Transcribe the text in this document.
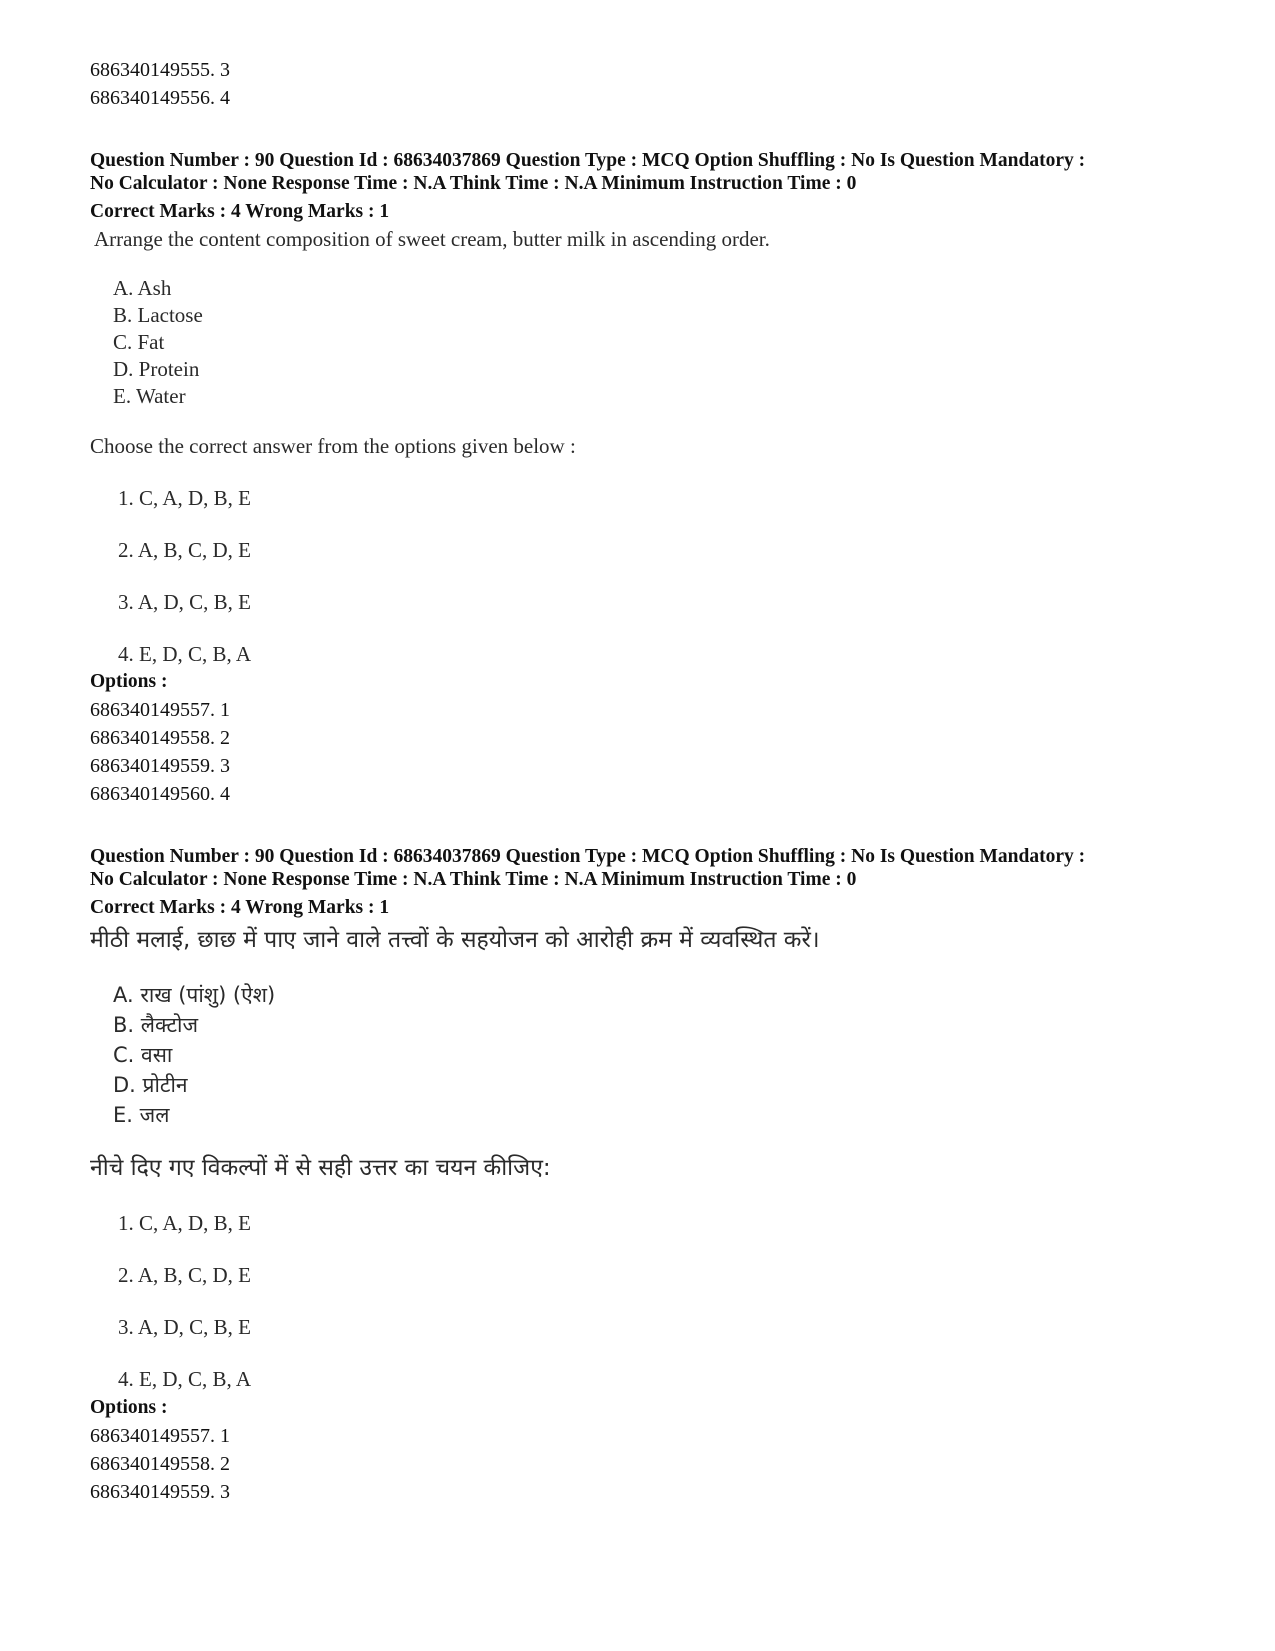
686340149555. 3
686340149556. 4
Question Number : 90 Question Id : 68634037869 Question Type : MCQ Option Shuffling : No Is Question Mandatory :
No Calculator : None Response Time : N.A Think Time : N.A Minimum Instruction Time : 0
Correct Marks : 4 Wrong Marks : 1
Arrange the content composition of sweet cream, butter milk in ascending order.
A. Ash
B. Lactose
C. Fat
D. Protein
E. Water
Choose the correct answer from the options given below :
1. C, A, D, B, E
2. A, B, C, D, E
3. A, D, C, B, E
4. E, D, C, B, A
Options :
686340149557. 1
686340149558. 2
686340149559. 3
686340149560. 4
Question Number : 90 Question Id : 68634037869 Question Type : MCQ Option Shuffling : No Is Question Mandatory :
No Calculator : None Response Time : N.A Think Time : N.A Minimum Instruction Time : 0
Correct Marks : 4 Wrong Marks : 1
मीठी मलाई, छाछ में पाए जाने वाले तत्त्वों के सहयोजन को आरोही क्रम में व्यवस्थित करें।
A. राख (पांशु) (ऐश)
B. लैक्टोज
C. वसा
D. प्रोटीन
E. जल
नीचे दिए गए विकल्पों में से सही उत्तर का चयन कीजिए:
1. C, A, D, B, E
2. A, B, C, D, E
3. A, D, C, B, E
4. E, D, C, B, A
Options :
686340149557. 1
686340149558. 2
686340149559. 3
